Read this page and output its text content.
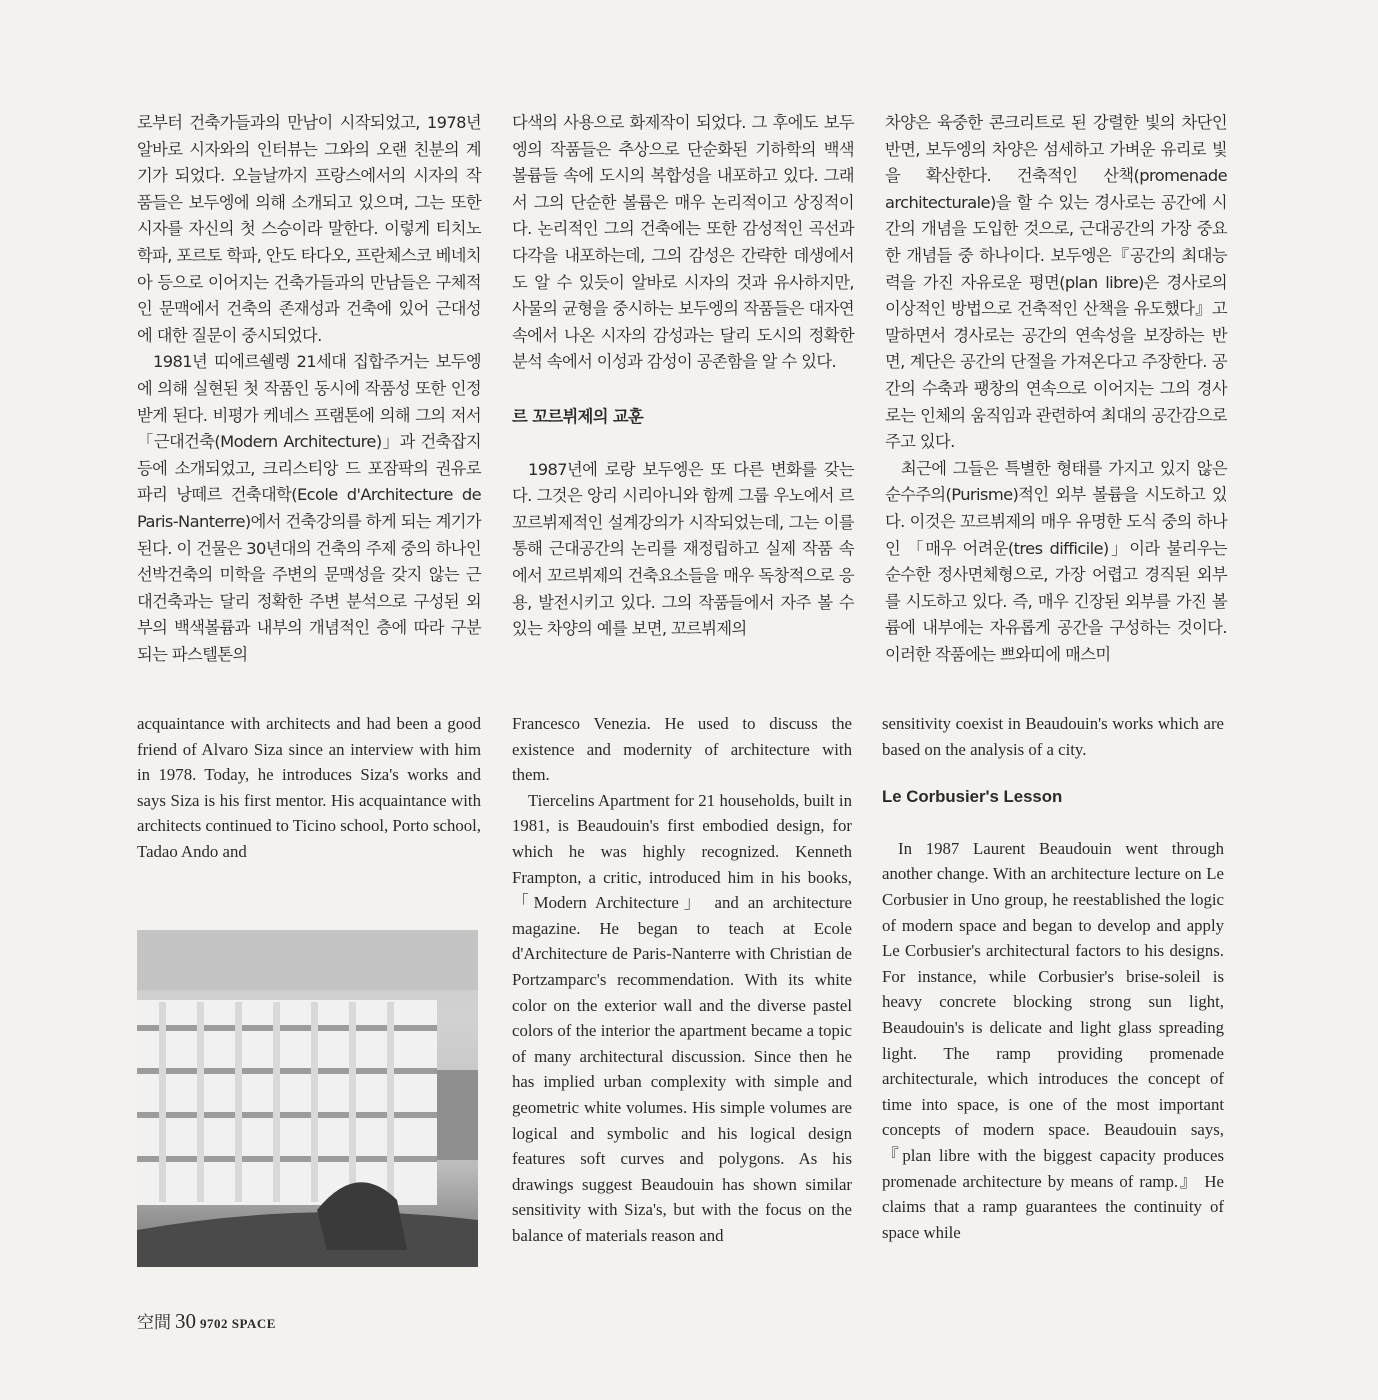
로부터 건축가들과의 만남이 시작되었고, 1978년 알바로 시자와의 인터뷰는 그와의 오랜 친분의 계기가 되었다. 오늘날까지 프랑스에서의 시자의 작품들은 보두엥에 의해 소개되고 있으며, 그는 또한 시자를 자신의 첫 스승이라 말한다. 이렇게 티치노 학파, 포르토 학파, 안도 타다오, 프란체스코 베네치아 등으로 이어지는 건축가들과의 만남들은 구체적인 문맥에서 건축의 존재성과 건축에 있어 근대성에 대한 질문이 중시되었다.

1981년 띠에르쉘렝 21세대 집합주거는 보두엥에 의해 실현된 첫 작품인 동시에 작품성 또한 인정받게 된다. 비평가 케네스 프램톤에 의해 그의 저서 「근대건축(Modern Architecture)」과 건축잡지 등에 소개되었고, 크리스티앙 드 포잠팍의 권유로 파리 낭떼르 건축대학(Ecole d'Architecture de Paris-Nanterre)에서 건축강의를 하게 되는 계기가 된다. 이 건물은 30년대의 건축의 주제 중의 하나인 선박건축의 미학을 주변의 문맥성을 갖지 않는 근대건축과는 달리 정확한 주변 분석으로 구성된 외부의 백색볼륨과 내부의 개념적인 층에 따라 구분되는 파스텔톤의

다색의 사용으로 화제작이 되었다. 그 후에도 보두엥의 작품들은 추상으로 단순화된 기하학의 백색 볼륨들 속에 도시의 복합성을 내포하고 있다. 그래서 그의 단순한 볼륨은 매우 논리적이고 상징적이다. 논리적인 그의 건축에는 또한 감성적인 곡선과 다각을 내포하는데, 그의 감성은 간략한 데생에서도 알 수 있듯이 알바로 시자의 것과 유사하지만, 사물의 균형을 중시하는 보두엥의 작품들은 대자연 속에서 나온 시자의 감성과는 달리 도시의 정확한 분석 속에서 이성과 감성이 공존함을 알 수 있다.

르 꼬르뷔제의 교훈

1987년에 로랑 보두엥은 또 다른 변화를 갖는다. 그것은 앙리 시리아니와 함께 그룹 우노에서 르 꼬르뷔제적인 설계강의가 시작되었는데, 그는 이를 통해 근대공간의 논리를 재정립하고 실제 작품 속에서 꼬르뷔제의 건축요소들을 매우 독창적으로 응용, 발전시키고 있다. 그의 작품들에서 자주 볼 수 있는 차양의 예를 보면, 꼬르뷔제의

차양은 육중한 콘크리트로 된 강렬한 빛의 차단인 반면, 보두엥의 차양은 섬세하고 가벼운 유리로 빛을 확산한다. 건축적인 산책(promenade architecturale)을 할 수 있는 경사로는 공간에 시간의 개념을 도입한 것으로, 근대공간의 가장 중요한 개념들 중 하나이다. 보두엥은『공간의 최대능력을 가진 자유로운 평면(plan libre)은 경사로의 이상적인 방법으로 건축적인 산책을 유도했다』고 말하면서 경사로는 공간의 연속성을 보장하는 반면, 계단은 공간의 단절을 가져온다고 주장한다. 공간의 수축과 팽창의 연속으로 이어지는 그의 경사로는 인체의 움직임과 관련하여 최대의 공간감으로 주고 있다.

최근에 그들은 특별한 형태를 가지고 있지 않은 순수주의(Purisme)적인 외부 볼륨을 시도하고 있다. 이것은 꼬르뷔제의 매우 유명한 도식 중의 하나인 「매우 어려운(tres difficile)」이라 불리우는 순수한 정사면체형으로, 가장 어렵고 경직된 외부를 시도하고 있다. 즉, 매우 긴장된 외부를 가진 볼륨에 내부에는 자유롭게 공간을 구성하는 것이다. 이러한 작품에는 쁘와띠에 매스미

acquaintance with architects and had been a good friend of Alvaro Siza since an interview with him in 1978. Today, he introduces Siza's works and says Siza is his first mentor. His acquaintance with architects continued to Ticino school, Porto school, Tadao Ando and

Francesco Venezia. He used to discuss the existence and modernity of architecture with them.

Tiercelins Apartment for 21 households, built in 1981, is Beaudouin's first embodied design, for which he was highly recognized. Kenneth Frampton, a critic, introduced him in his books, 「Modern Architecture」 and an architecture magazine. He began to teach at Ecole d'Architecture de Paris-Nanterre with Christian de Portzamparc's recommendation. With its white color on the exterior wall and the diverse pastel colors of the interior the apartment became a topic of many architectural discussion. Since then he has implied urban complexity with simple and geometric white volumes. His simple volumes are logical and symbolic and his logical design features soft curves and polygons. As his drawings suggest Beaudouin has shown similar sensitivity with Siza's, but with the focus on the balance of materials reason and

sensitivity coexist in Beaudouin's works which are based on the analysis of a city.

Le Corbusier's Lesson

In 1987 Laurent Beaudouin went through another change. With an architecture lecture on Le Corbusier in Uno group, he reestablished the logic of modern space and began to develop and apply Le Corbusier's architectural factors to his designs. For instance, while Corbusier's brise-soleil is heavy concrete blocking strong sun light, Beaudouin's is delicate and light glass spreading light. The ramp providing promenade architecturale, which introduces the concept of time into space, is one of the most important concepts of modern space. Beaudouin says, 『plan libre with the biggest capacity produces promenade architecture by means of ramp.』 He claims that a ramp guarantees the continuity of space while

空間 30 9702 SPACE
